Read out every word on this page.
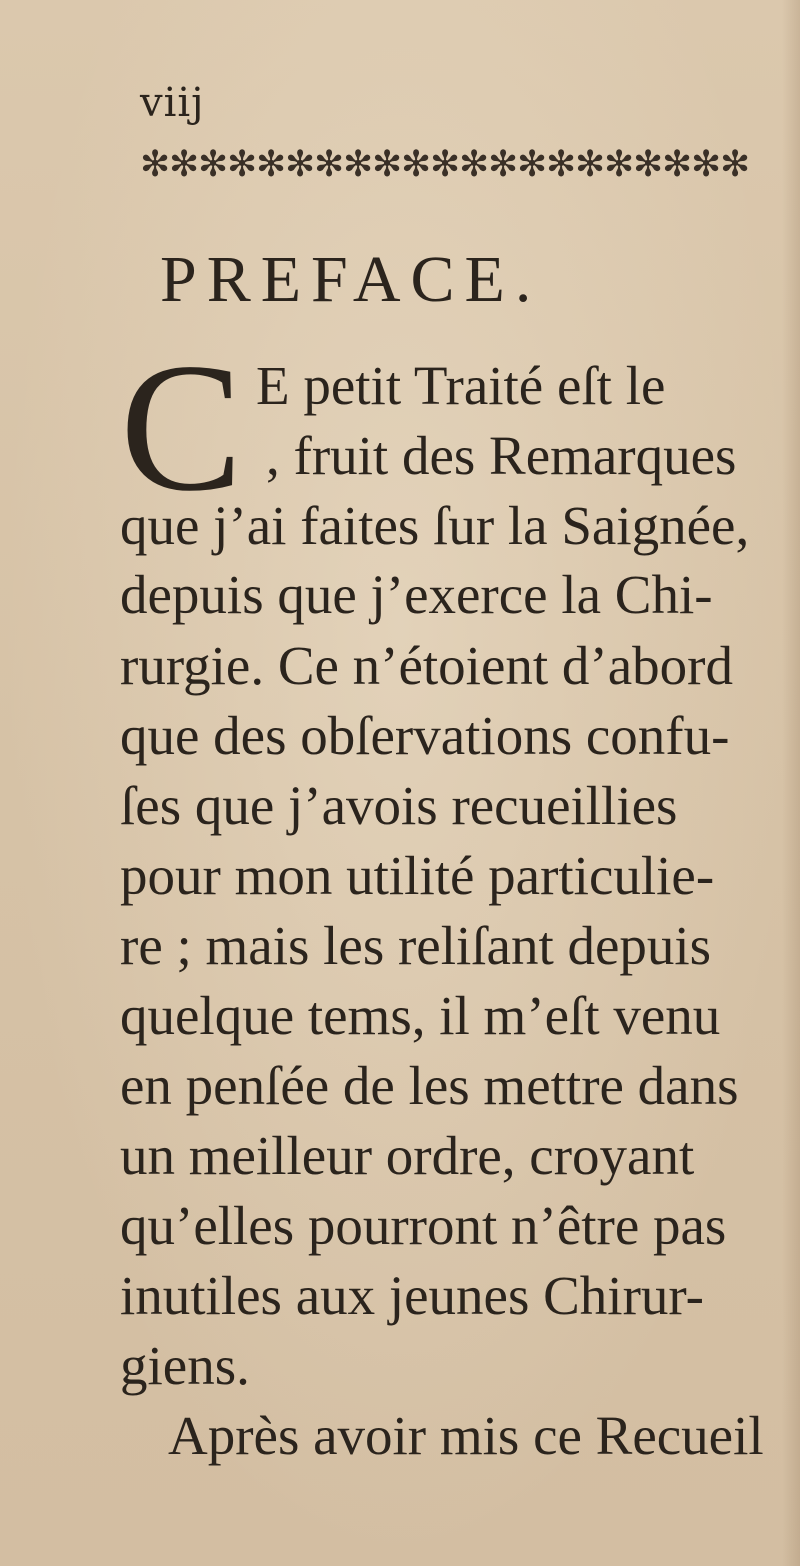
viij
✻
✻
✻
✻
✻
✻
✻
✻
✻
✻
✻
✻
✻
✻
✻
✻
✻
✻
✻
✻
✻
PREFACE.
C E petit Traité eſt le
, fruit des Remarques
que j’ai faites ſur la Saignée,
depuis que j’exerce la Chi-
rurgie. Ce n’étoient d’abord
que des obſervations confu-
ſes que j’avois recueillies
pour mon utilité particulie-
re ; mais les reliſant depuis
quelque tems, il m’eſt venu
en penſée de les mettre dans
un meilleur ordre, croyant
qu’elles pourront n’être pas
inutiles aux jeunes Chirur-
giens.
Après avoir mis ce Recueil
